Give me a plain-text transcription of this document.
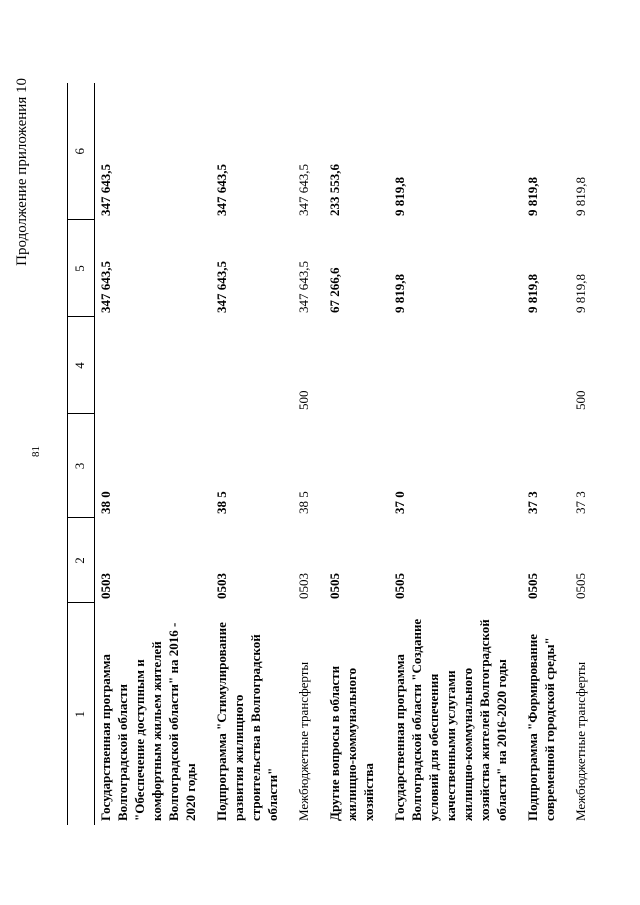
81
Продолжение приложения 10
1	2	3	4	5	6
Государственная программа Волгоградской области "Обеспечение доступным и комфортным жильем жителей Волгоградской области" на 2016 - 2020 годы	0503	38 0		347 643,5	347 643,5
Подпрограмма "Стимулирование развития жилищного строительства в Волгоградской области"	0503	38 5		347 643,5	347 643,5
Межбюджетные трансферты	0503	38 5	500	347 643,5	347 643,5
Другие вопросы в области жилищно-коммунального хозяйства	0505			67 266,6	233 553,6
Государственная программа Волгоградской области "Создание условий для обеспечения качественными услугами жилищно-коммунального хозяйства жителей Волгоградской области" на 2016-2020 годы	0505	37 0		9 819,8	9 819,8
Подпрограмма "Формирование современной городской среды"	0505	37 3		9 819,8	9 819,8
Межбюджетные трансферты	0505	37 3	500	9 819,8	9 819,8
